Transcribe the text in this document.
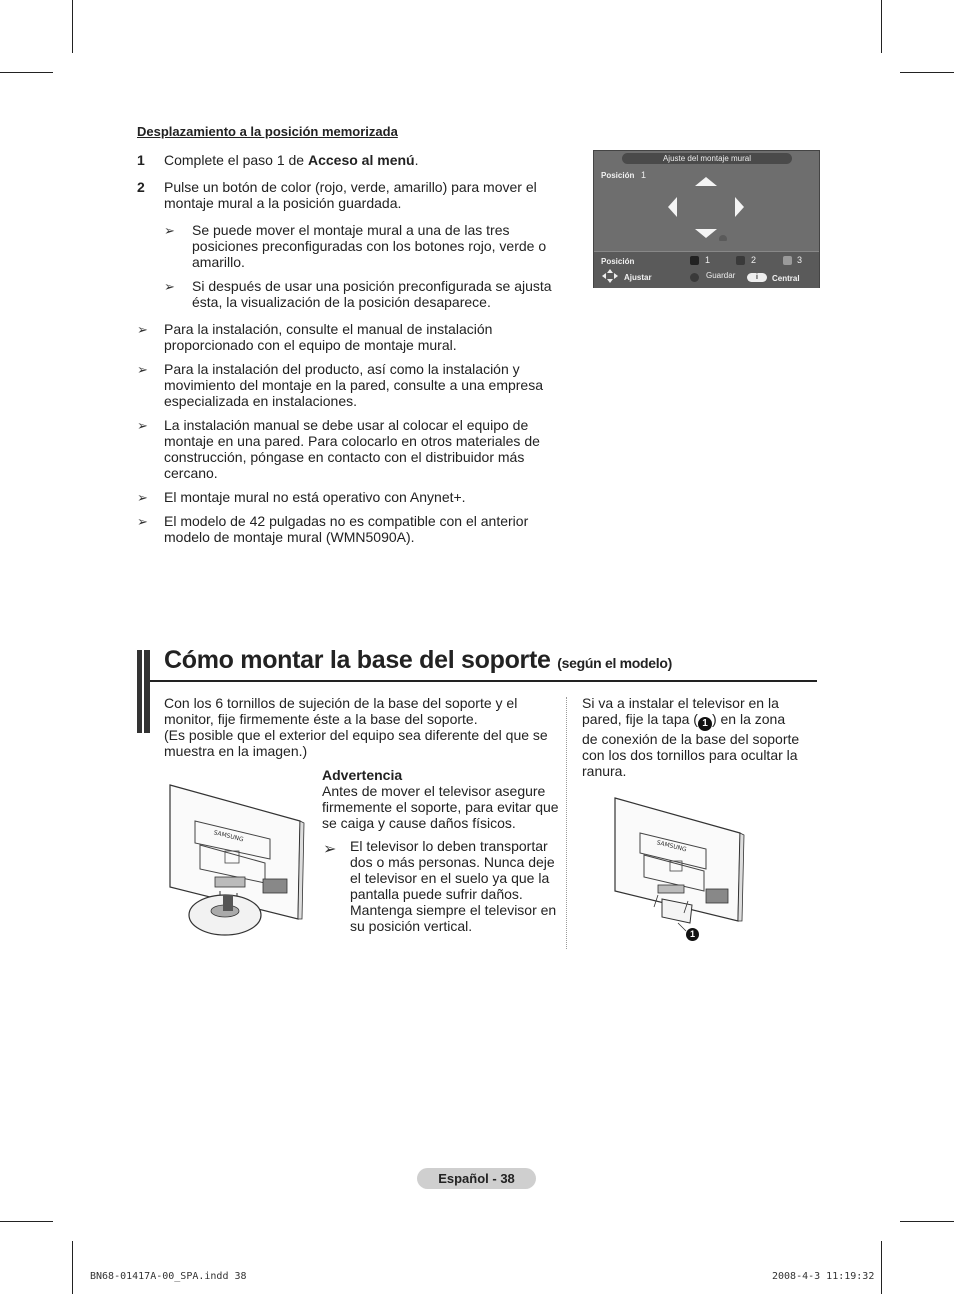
Desplazamiento a la posición memorizada
1 Complete el paso 1 de Acceso al menú.
2 Pulse un botón de color (rojo, verde, amarillo) para mover el
montaje mural a la posición guardada.
➢ Se puede mover el montaje mural a una de las tres
posiciones preconfiguradas con los botones rojo, verde o
amarillo.
➢ Si después de usar una posición preconfigurada se ajusta
ésta, la visualización de la posición desaparece.
➢ Para la instalación, consulte el manual de instalación
proporcionado con el equipo de montaje mural.
➢ Para la instalación del producto, así como la instalación y
movimiento del montaje en la pared, consulte a una empresa
especializada en instalaciones.
➢ La instalación manual se debe usar al colocar el equipo de
montaje en una pared. Para colocarlo en otros materiales de
construcción, póngase en contacto con el distribuidor más
cercano.
➢ El montaje mural no está operativo con Anynet+.
➢ El modelo de 42 pulgadas no es compatible con el anterior
modelo de montaje mural (WMN5090A).
Ajuste del montaje mural
Posición 1
Posición	1	2	3
Ajustar	Guardar	i	Central
Cómo montar la base del soporte (según el modelo)
Con los 6 tornillos de sujeción de la base del soporte y el
monitor, fije firmemente éste a la base del soporte.
(Es posible que el exterior del equipo sea diferente del que se
muestra en la imagen.)
SAMSUNG
Advertencia
Antes de mover el televisor asegure
firmemente el soporte, para evitar que
se caiga y cause daños físicos.
➢ El televisor lo deben transportar
dos o más personas. Nunca deje
el televisor en el suelo ya que la
pantalla puede sufrir daños.
Mantenga siempre el televisor en
su posición vertical.
Si va a instalar el televisor en la
pared, fije la tapa ( 1 ) en la zona
de conexión de la base del soporte
con los dos tornillos para ocultar la
ranura.
SAMSUNG
1
Español - 38
BN68-01417A-00_SPA.indd 38	2008-4-3 11:19:32
